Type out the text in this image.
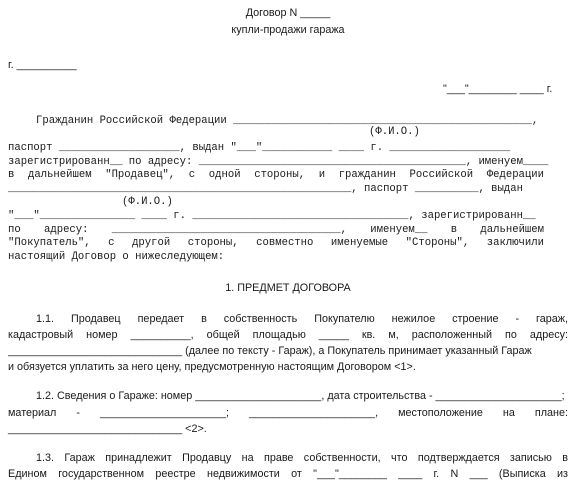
Договор N _____
купли-продажи гаража
г. __________
"___"________ ____ г.
Гражданин Российской Федерации _______________________________________________,
(Ф.И.О.)
паспорт ___________________, выдан "___"___________ ____ г. ___________________
зарегистрированн__ по адресу: __________________________________________, именуем____
в дальнейшем "Продавец", с одной стороны, и гражданин Российской Федерации
______________________________________________________, паспорт __________, выдан
(Ф.И.О.)
"___"_______________ ____ г. __________________________________, зарегистрированн__
по адресу: ____________________________________, именуем__ в дальнейшем
"Покупатель", с другой стороны, совместно именуемые "Стороны", заключили
настоящий Договор о нижеследующем:
1. ПРЕДМЕТ ДОГОВОРА
1.1. Продавец передает в собственность Покупателю нежилое строение - гараж,
кадастровый номер __________, общей площадью _____ кв. м, расположенный по адресу:
_____________________________ (далее по тексту - Гараж), а Покупатель принимает указанный Гараж
и обязуется уплатить за него цену, предусмотренную настоящим Договором <1>.
1.2. Сведения о Гараже: номер _____________________, дата строительства - _____________________;
материал - _____________________; _____________________, местоположение на плане:
_____________________________ <2>.
1.3. Гараж принадлежит Продавцу на праве собственности, что подтверждается записью в
Едином государственном реестре недвижимости от "___"________ ____ г. N ___ (Выписка из
